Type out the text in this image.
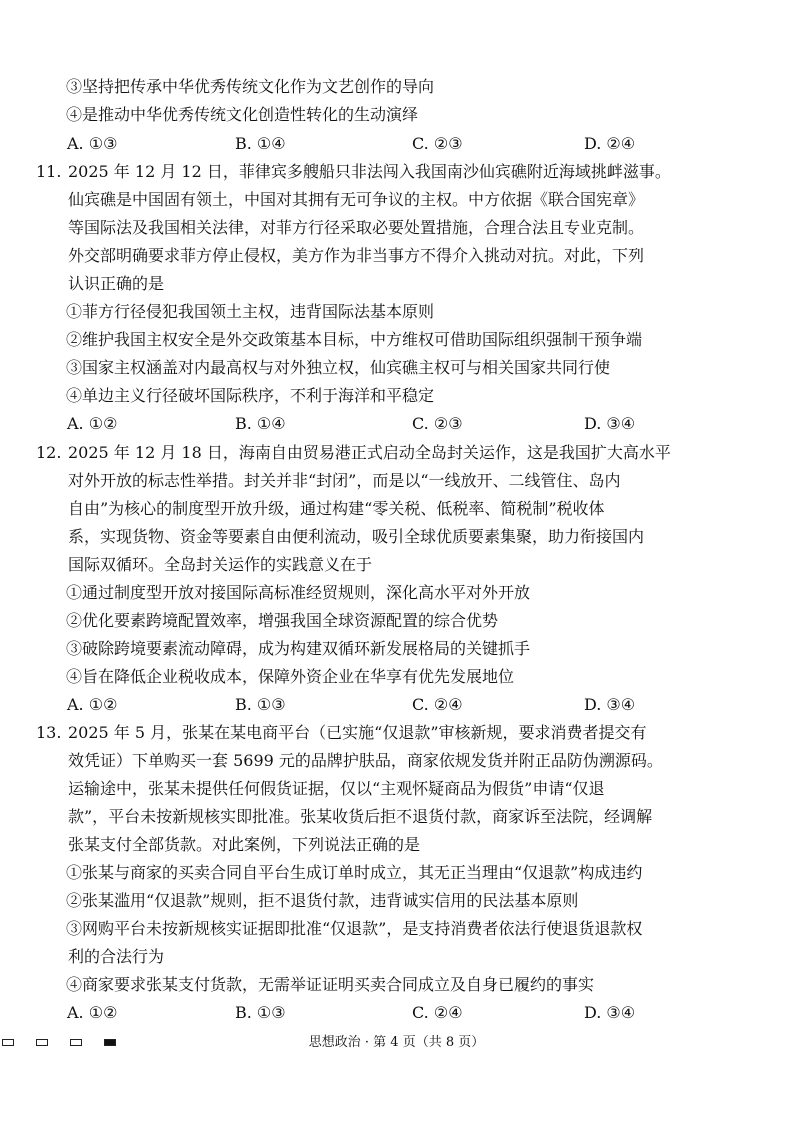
③坚持把传承中华优秀传统文化作为文艺创作的导向
④是推动中华优秀传统文化创造性转化的生动演绎
A. ①③	B. ①④	C. ②③	D. ②④
11. 2025 年 12 月 12 日，菲律宾多艘船只非法闯入我国南沙仙宾礁附近海域挑衅滋事。
仙宾礁是中国固有领土，中国对其拥有无可争议的主权。中方依据《联合国宪章》
等国际法及我国相关法律，对菲方行径采取必要处置措施，合理合法且专业克制。
外交部明确要求菲方停止侵权，美方作为非当事方不得介入挑动对抗。对此，下列
认识正确的是
①菲方行径侵犯我国领土主权，违背国际法基本原则
②维护我国主权安全是外交政策基本目标，中方维权可借助国际组织强制干预争端
③国家主权涵盖对内最高权与对外独立权，仙宾礁主权可与相关国家共同行使
④单边主义行径破坏国际秩序，不利于海洋和平稳定
A. ①②	B. ①④	C. ②③	D. ③④
12. 2025 年 12 月 18 日，海南自由贸易港正式启动全岛封关运作，这是我国扩大高水平
对外开放的标志性举措。封关并非“封闭”，而是以“一线放开、二线管住、岛内
自由”为核心的制度型开放升级，通过构建“零关税、低税率、简税制”税收体
系，实现货物、资金等要素自由便利流动，吸引全球优质要素集聚，助力衔接国内
国际双循环。全岛封关运作的实践意义在于
①通过制度型开放对接国际高标准经贸规则，深化高水平对外开放
②优化要素跨境配置效率，增强我国全球资源配置的综合优势
③破除跨境要素流动障碍，成为构建双循环新发展格局的关键抓手
④旨在降低企业税收成本，保障外资企业在华享有优先发展地位
A. ①②	B. ①③	C. ②④	D. ③④
13. 2025 年 5 月，张某在某电商平台（已实施“仅退款”审核新规，要求消费者提交有
效凭证）下单购买一套 5699 元的品牌护肤品，商家依规发货并附正品防伪溯源码。
运输途中，张某未提供任何假货证据，仅以“主观怀疑商品为假货”申请“仅退
款”，平台未按新规核实即批准。张某收货后拒不退货付款，商家诉至法院，经调解
张某支付全部货款。对此案例，下列说法正确的是
①张某与商家的买卖合同自平台生成订单时成立，其无正当理由“仅退款”构成违约
②张某滥用“仅退款”规则，拒不退货付款，违背诚实信用的民法基本原则
③网购平台未按新规核实证据即批准“仅退款”，是支持消费者依法行使退货退款权
利的合法行为
④商家要求张某支付货款，无需举证证明买卖合同成立及自身已履约的事实
A. ①②	B. ①③	C. ②④	D. ③④
思想政治 · 第 4 页（共 8 页）
